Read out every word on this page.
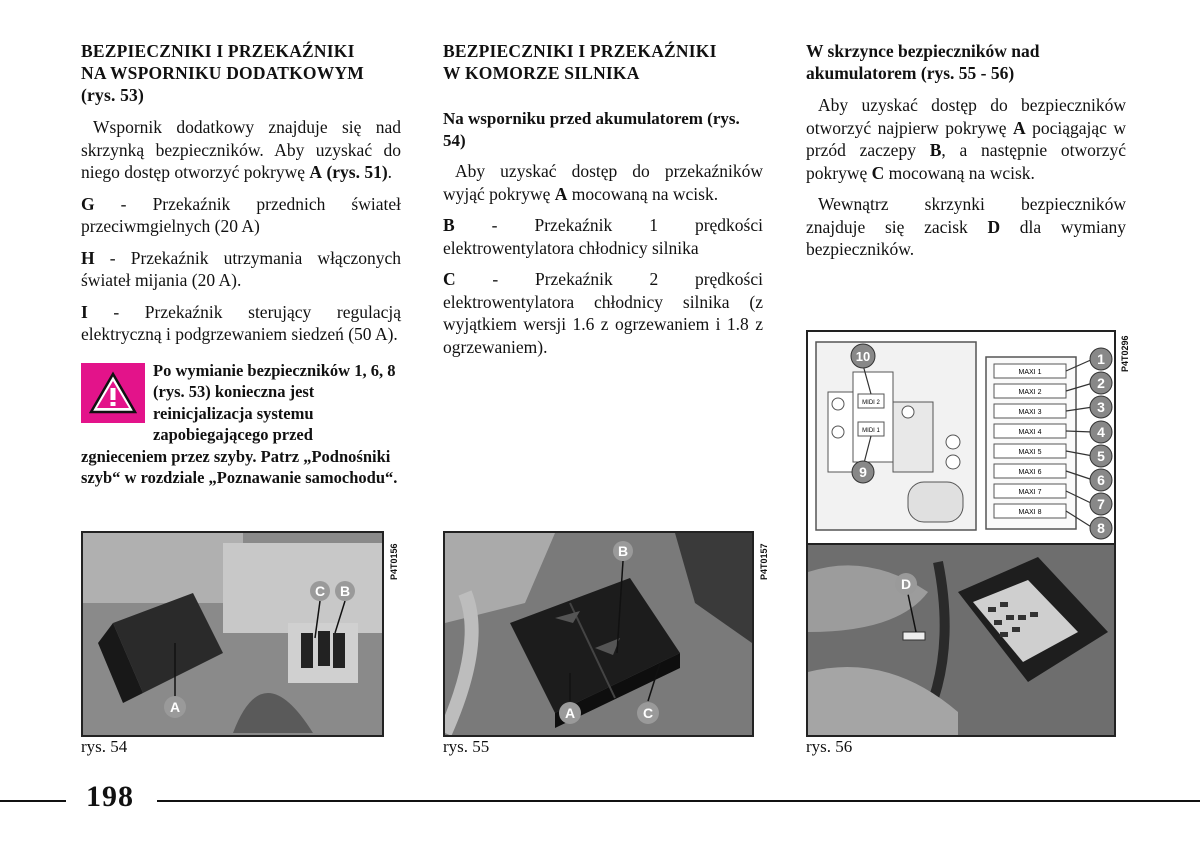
BEZPIECZNIKI I PRZEKAŹNIKI
NA WSPORNIKU DODATKOWYM
(rys. 53)

Wspornik dodatkowy znajduje się nad skrzynką bezpieczników. Aby uzyskać do niego dostęp otworzyć pokrywę A (rys. 51).

G - Przekaźnik przednich świateł przeciwmgielnych (20 A)

H - Przekaźnik utrzymania włączonych świateł mijania (20 A).

I - Przekaźnik sterujący regulacją elektryczną i podgrzewaniem siedzeń (50 A).

Po wymianie bezpieczników 1, 6, 8 (rys. 53) konieczna jest reinicjalizacja systemu zapobiegającego przed zgnieceniem przez szyby. Patrz „Podnośniki szyb“ w rozdziale „Poznawanie samochodu“.
BEZPIECZNIKI I PRZEKAŹNIKI
W KOMORZE SILNIKA
Na wsporniku przed akumulatorem (rys. 54)

Aby uzyskać dostęp do przekaźników wyjąć pokrywę A mocowaną na wcisk.

B - Przekaźnik 1 prędkości elektrowentylatora chłodnicy silnika

C - Przekaźnik 2 prędkości elektrowentylatora chłodnicy silnika (z wyjątkiem wersji 1.6 z ogrzewaniem i 1.8 z ogrzewaniem).

W skrzynce bezpieczników nad akumulatorem (rys. 55 - 56)

Aby uzyskać dostęp do bezpieczników otworzyć najpierw pokrywę A pociągając w przód zaczepy B, a następnie otworzyć pokrywę C mocowaną na wcisk.

Wewnątrz skrzynki bezpieczników znajduje się zacisk D dla wymiany bezpieczników.

C B
A
P4T0156
rys. 54
B
A	C
P4T0157
rys. 55
MIDI 2
MIDI 1
MAXI 1
MAXI 2
MAXI 3
MAXI 4
MAXI 5
MAXI 6
MAXI 7
MAXI 8
1
2
3
4
5
6
7
8
9
10
D
P4T0296
rys. 56
198
